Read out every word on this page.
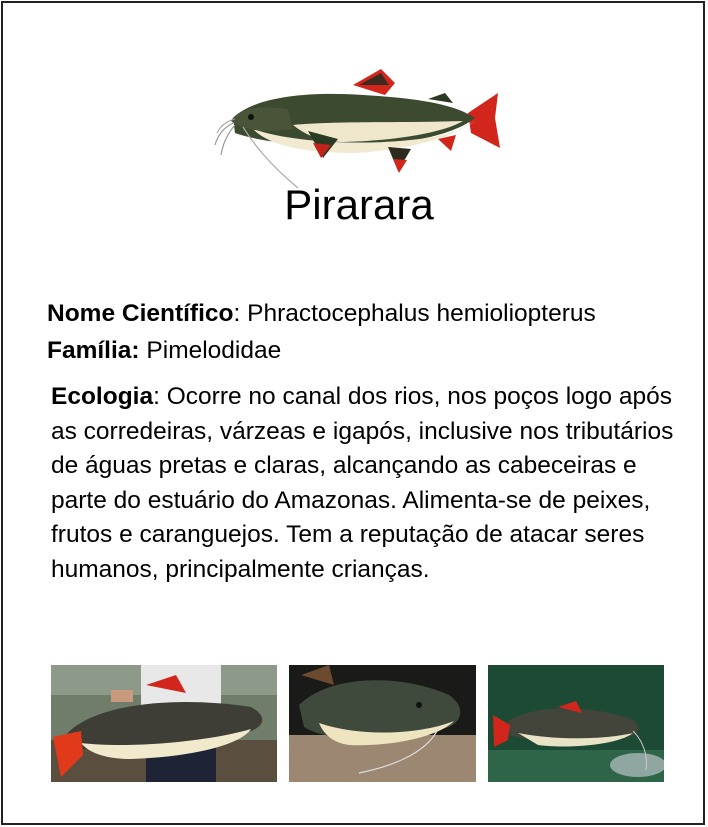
Pirarara
Nome Científico: Phractocephalus hemioliopterus
Família: Pimelodidae
Ecologia: Ocorre no canal dos rios, nos poços logo após as corredeiras, várzeas e igapós, inclusive nos tributários de águas pretas e claras, alcançando as cabeceiras e parte do estuário do Amazonas. Alimenta-se de peixes, frutos e caranguejos. Tem a reputação de atacar seres humanos, principalmente crianças.
